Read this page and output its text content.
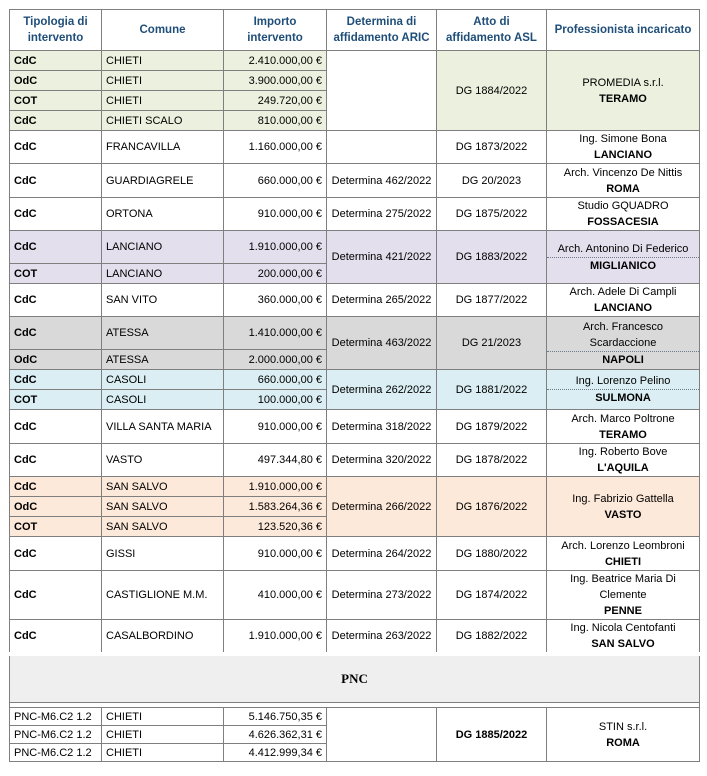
Tipologia di intervento	Comune	Importo intervento	Determina di affidamento ARIC	Atto di affidamento ASL	Professionista incaricato
CdC	CHIETI	2.410.000,00 €		DG 1884/2022	PROMEDIA s.r.l.
TERAMO

OdC	CHIETI	3.900.000,00 €			
COT	CHIETI	249.720,00 €			
CdC	CHIETI SCALO	810.000,00 €			
CdC	FRANCAVILLA	1.160.000,00 €		DG 1873/2022	Ing. Simone Bona
LANCIANO

CdC	GUARDIAGRELE	660.000,00 €	Determina 462/2022	DG 20/2023	Arch. Vincenzo De Nittis
ROMA

CdC	ORTONA	910.000,00 €	Determina 275/2022	DG 1875/2022	Studio GQUADRO
FOSSACESIA

CdC	LANCIANO	1.910.000,00 €	Determina 421/2022	DG 1883/2022	Arch. Antonino Di Federico
MIGLIANICO

COT	LANCIANO	200.000,00 €			
CdC	SAN VITO	360.000,00 €	Determina 265/2022	DG 1877/2022	Arch. Adele Di Campli
LANCIANO

CdC	ATESSA	1.410.000,00 €	Determina 463/2022	DG 21/2023	Arch. Francesco Scardaccione
NAPOLI

OdC	ATESSA	2.000.000,00 €			
CdC	CASOLI	660.000,00 €	Determina 262/2022	DG 1881/2022	Ing. Lorenzo Pelino
SULMONA

COT	CASOLI	100.000,00 €			
CdC	VILLA SANTA MARIA	910.000,00 €	Determina 318/2022	DG 1879/2022	Arch. Marco Poltrone
TERAMO

CdC	VASTO	497.344,80 €	Determina 320/2022	DG 1878/2022	Ing. Roberto Bove
L'AQUILA

CdC	SAN SALVO	1.910.000,00 €	Determina 266/2022	DG 1876/2022	Ing. Fabrizio Gattella
VASTO

OdC	SAN SALVO	1.583.264,36 €			
COT	SAN SALVO	123.520,36 €			
CdC	GISSI	910.000,00 €	Determina 264/2022	DG 1880/2022	Arch. Lorenzo Leombroni
CHIETI

CdC	CASTIGLIONE M.M.	410.000,00 €	Determina 273/2022	DG 1874/2022	Ing. Beatrice Maria Di Clemente
PENNE

CdC	CASALBORDINO	1.910.000,00 €	Determina 263/2022	DG 1882/2022	Ing. Nicola Centofanti
SAN SALVO

PNC					

PNC-M6.C2 1.2	CHIETI	5.146.750,35 €		DG 1885/2022	STIN s.r.l.
ROMA

PNC-M6.C2 1.2	CHIETI	4.626.362,31 €			
PNC-M6.C2 1.2	CHIETI	4.412.999,34 €			
